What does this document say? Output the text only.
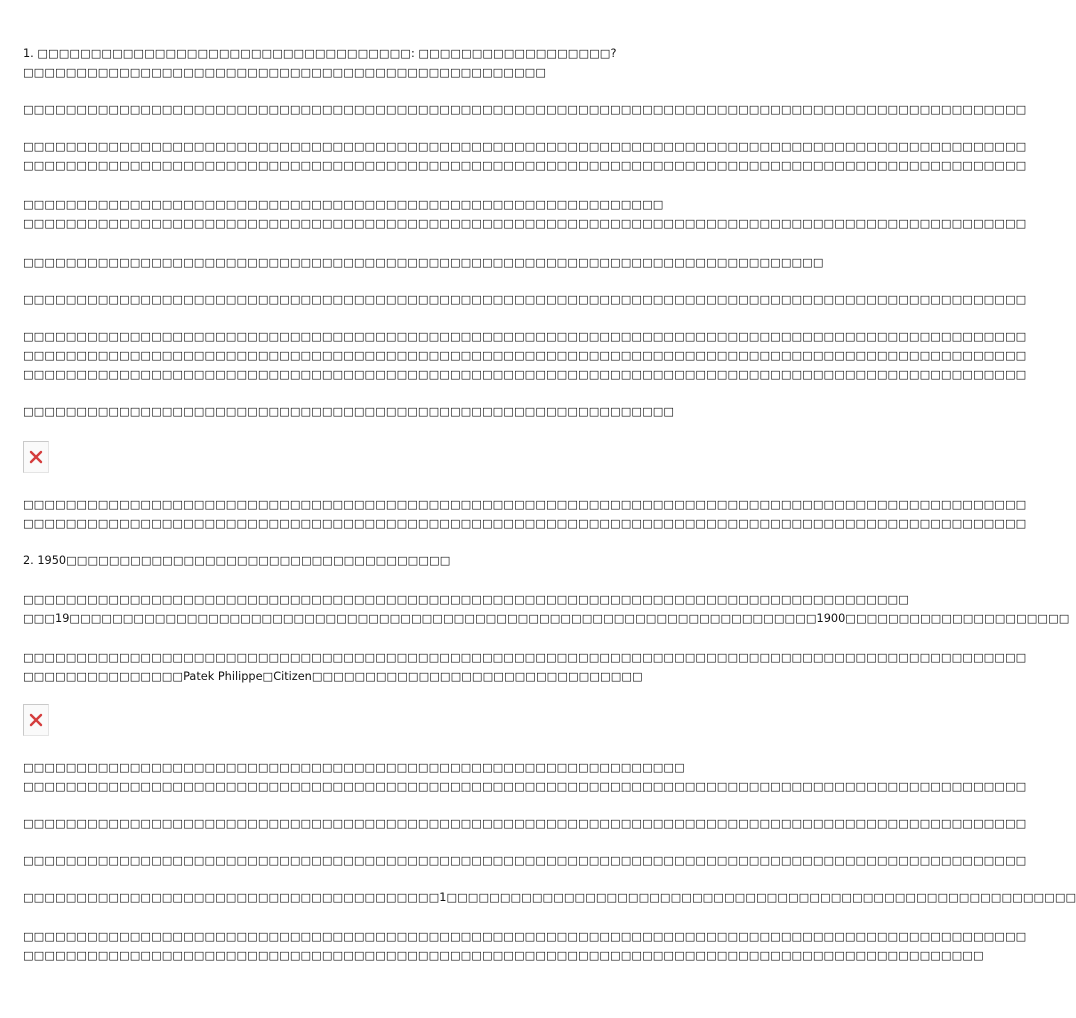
1. □□□□□□□□□□□□□□□□□□□□□□□□□□□□□□□□□□□: □□□□□□□□□□□□□□□□□□?
□□□□□□□□□□□□□□□□□□□□□□□□□□□□□□□□□□□□□□□□□□□□□□□□□
□□□□□□□□□□□□□□□□□□□□□□□□□□□□□□□□□□□□□□□□□□□□□□□□□□□□□□□□□□□□□□□□□□□□□□□□□□□□□□□□□□□□□□□□□□□□□□
□□□□□□□□□□□□□□□□□□□□□□□□□□□□□□□□□□□□□□□□□□□□□□□□□□□□□□□□□□□□□□□□□□□□□□□□□□□□□□□□□□□□□□□□□□□□□□
□□□□□□□□□□□□□□□□□□□□□□□□□□□□□□□□□□□□□□□□□□□□□□□□□□□□□□□□□□□□□□□□□□□□□□□□□□□□□□□□□□□□□□□□□□□□□□
□□□□□□□□□□□□□□□□□□□□□□□□□□□□□□□□□□□□□□□□□□□□□□□□□□□□□□□□□□□□
□□□□□□□□□□□□□□□□□□□□□□□□□□□□□□□□□□□□□□□□□□□□□□□□□□□□□□□□□□□□□□□□□□□□□□□□□□□□□□□□□□□□□□□□□□□□□□
□□□□□□□□□□□□□□□□□□□□□□□□□□□□□□□□□□□□□□□□□□□□□□□□□□□□□□□□□□□□□□□□□□□□□□□□□□□
□□□□□□□□□□□□□□□□□□□□□□□□□□□□□□□□□□□□□□□□□□□□□□□□□□□□□□□□□□□□□□□□□□□□□□□□□□□□□□□□□□□□□□□□□□□□□□
□□□□□□□□□□□□□□□□□□□□□□□□□□□□□□□□□□□□□□□□□□□□□□□□□□□□□□□□□□□□□□□□□□□□□□□□□□□□□□□□□□□□□□□□□□□□□□
□□□□□□□□□□□□□□□□□□□□□□□□□□□□□□□□□□□□□□□□□□□□□□□□□□□□□□□□□□□□□□□□□□□□□□□□□□□□□□□□□□□□□□□□□□□□□□
□□□□□□□□□□□□□□□□□□□□□□□□□□□□□□□□□□□□□□□□□□□□□□□□□□□□□□□□□□□□□□□□□□□□□□□□□□□□□□□□□□□□□□□□□□□□□□
□□□□□□□□□□□□□□□□□□□□□□□□□□□□□□□□□□□□□□□□□□□□□□□□□□□□□□□□□□□□□
□□□□□□□□□□□□□□□□□□□□□□□□□□□□□□□□□□□□□□□□□□□□□□□□□□□□□□□□□□□□□□□□□□□□□□□□□□□□□□□□□□□□□□□□□□□□□□
□□□□□□□□□□□□□□□□□□□□□□□□□□□□□□□□□□□□□□□□□□□□□□□□□□□□□□□□□□□□□□□□□□□□□□□□□□□□□□□□□□□□□□□□□□□□□□
2. 1950□□□□□□□□□□□□□□□□□□□□□□□□□□□□□□□□□□□□
□□□□□□□□□□□□□□□□□□□□□□□□□□□□□□□□□□□□□□□□□□□□□□□□□□□□□□□□□□□□□□□□□□□□□□□□□□□□□□□□□□□
□□□19□□□□□□□□□□□□□□□□□□□□□□□□□□□□□□□□□□□□□□□□□□□□□□□□□□□□□□□□□□□□□□□□□□□□□□1900□□□□□□□□□□□□□□□□□□□□□
□□□□□□□□□□□□□□□□□□□□□□□□□□□□□□□□□□□□□□□□□□□□□□□□□□□□□□□□□□□□□□□□□□□□□□□□□□□□□□□□□□□□□□□□□□□□□□
□□□□□□□□□□□□□□□Patek Philippe□Citizen□□□□□□□□□□□□□□□□□□□□□□□□□□□□□□□
□□□□□□□□□□□□□□□□□□□□□□□□□□□□□□□□□□□□□□□□□□□□□□□□□□□□□□□□□□□□□□
□□□□□□□□□□□□□□□□□□□□□□□□□□□□□□□□□□□□□□□□□□□□□□□□□□□□□□□□□□□□□□□□□□□□□□□□□□□□□□□□□□□□□□□□□□□□□□
□□□□□□□□□□□□□□□□□□□□□□□□□□□□□□□□□□□□□□□□□□□□□□□□□□□□□□□□□□□□□□□□□□□□□□□□□□□□□□□□□□□□□□□□□□□□□□
□□□□□□□□□□□□□□□□□□□□□□□□□□□□□□□□□□□□□□□□□□□□□□□□□□□□□□□□□□□□□□□□□□□□□□□□□□□□□□□□□□□□□□□□□□□□□□
□□□□□□□□□□□□□□□□□□□□□□□□□□□□□□□□□□□□□□□1□□□□□□□□□□□□□□□□□□□□□□□□□□□□□□□□□□□□□□□□□□□□□□□□□□□□□□□□□□□
□□□□□□□□□□□□□□□□□□□□□□□□□□□□□□□□□□□□□□□□□□□□□□□□□□□□□□□□□□□□□□□□□□□□□□□□□□□□□□□□□□□□□□□□□□□□□□
□□□□□□□□□□□□□□□□□□□□□□□□□□□□□□□□□□□□□□□□□□□□□□□□□□□□□□□□□□□□□□□□□□□□□□□□□□□□□□□□□□□□□□□□□□
